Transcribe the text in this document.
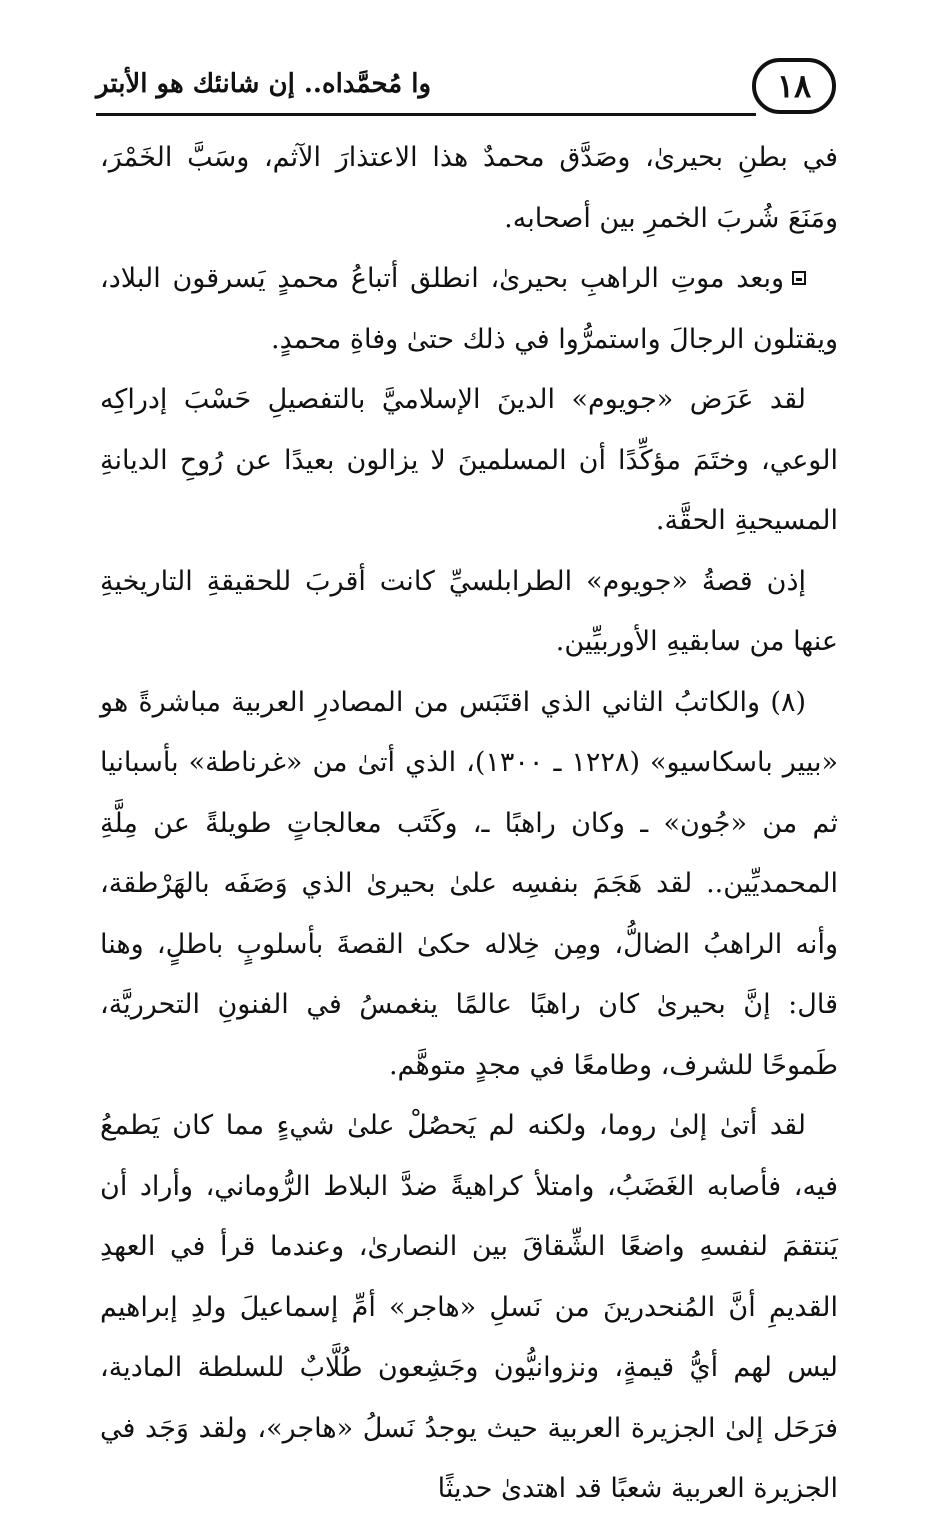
١٨
وا مُحمَّداه.. إن شانئك هو الأبتر

في بطنِ بحيرىٰ، وصَدَّق محمدٌ هذا الاعتذارَ الآثم، وسَبَّ الخَمْرَ، ومَنَعَ شُربَ الخمرِ بين أصحابه.

وبعد موتِ الراهبِ بحيرىٰ، انطلق أتباعُ محمدٍ يَسرقون البلاد، ويقتلون الرجالَ واستمرُّوا في ذلك حتىٰ وفاةِ محمدٍ.

لقد عَرَض «جويوم» الدينَ الإسلاميَّ بالتفصيلِ حَسْبَ إدراكِه الوعي، وختَمَ مؤكِّدًا أن المسلمينَ لا يزالون بعيدًا عن رُوحِ الديانةِ المسيحيةِ الحقَّة.

إذن قصةُ «جويوم» الطرابلسيِّ كانت أقربَ للحقيقةِ التاريخيةِ عنها من سابقيهِ الأوربيِّين.

(٨) والكاتبُ الثاني الذي اقتَبَس من المصادرِ العربية مباشرةً هو «بيير باسكاسيو» (١٢٢٨ ـ ١٣٠٠)، الذي أتىٰ من «غرناطة» بأسبانيا ثم من «جُون» ـ وكان راهبًا ـ، وكَتَب معالجاتٍ طويلةً عن مِلَّةِ المحمديِّين.. لقد هَجَمَ بنفسِه علىٰ بحيرىٰ الذي وَصَفَه بالهَرْطقة، وأنه الراهبُ الضالُّ، ومِن خِلاله حكىٰ القصةَ بأسلوبٍ باطلٍ، وهنا قال: إنَّ بحيرىٰ كان راهبًا عالمًا ينغمسُ في الفنونِ التحرريَّة، طَموحًا للشرف، وطامعًا في مجدٍ متوهَّم.

لقد أتىٰ إلىٰ روما، ولكنه لم يَحصُلْ علىٰ شيءٍ مما كان يَطمعُ فيه، فأصابه الغَضَبُ، وامتلأ كراهيةً ضدَّ البلاط الرُّوماني، وأراد أن يَنتقمَ لنفسهِ واضعًا الشِّقاقَ بين النصارىٰ، وعندما قرأ في العهدِ القديمِ أنَّ المُنحدرينَ من نَسلِ «هاجر» أمِّ إسماعيلَ ولدِ إبراهيم ليس لهم أيُّ قيمةٍ، ونزوانيُّون وجَشِعون طُلَّابٌ للسلطة المادية، فرَحَل إلىٰ الجزيرة العربية حيث يوجدُ نَسلُ «هاجر»، ولقد وَجَد في الجزيرة العربية شعبًا قد اهتدىٰ حديثًا
